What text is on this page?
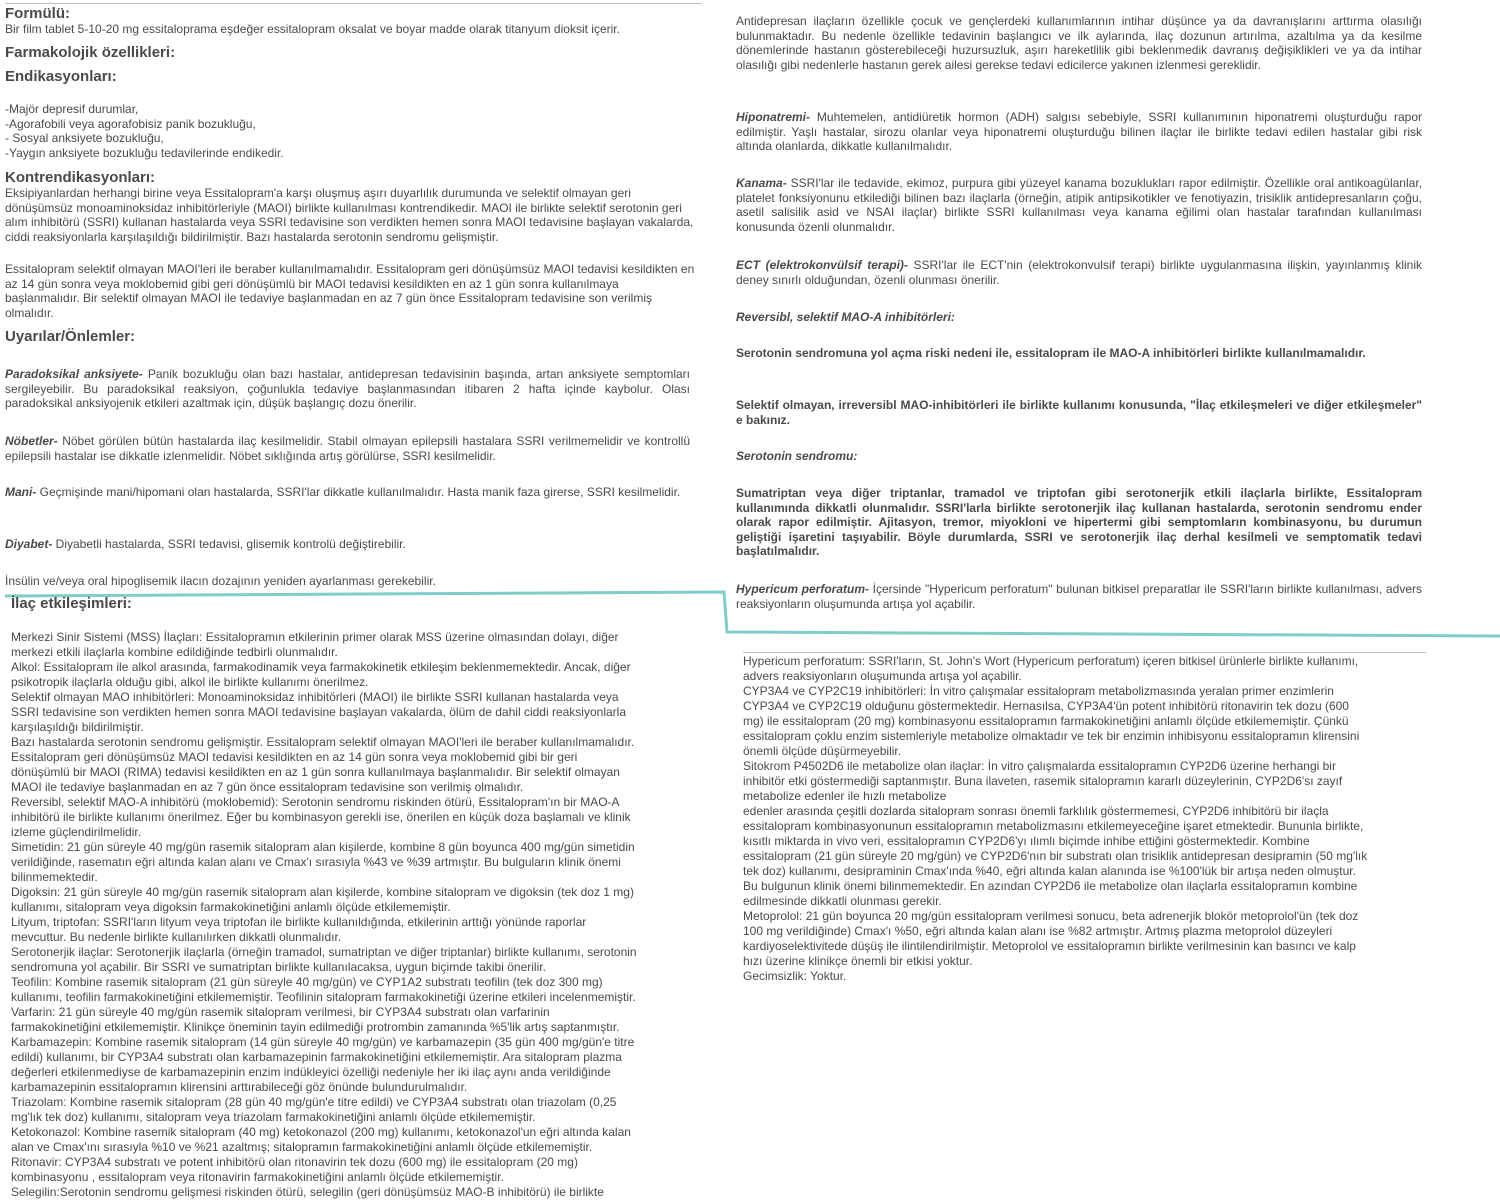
Formülü:

Bir film tablet 5-10-20 mg essitaloprama eşdeğer essitalopram oksalat ve boyar madde olarak titanyum dioksit içerir.

Farmakolojik özellikleri:
Endikasyonları:

-Majör depresif durumlar,

-Agorafobili veya agorafobisiz panik bozukluğu,

- Sosyal anksiyete bozukluğu,

-Yaygın anksiyete bozukluğu tedavilerinde endikedir.

Kontrendikasyonları:

Eksipiyanlardan herhangi birine veya Essitalopram'a karşı oluşmuş aşırı duyarlılık durumunda ve selektif olmayan geri dönüşümsüz monoaminoksidaz inhibitörleriyle (MAOI) birlikte kullanılması kontrendikedir. MAOI ile birlikte selektif serotonin geri alım inhibitörü (SSRI) kullanan hastalarda veya SSRI tedavisine son verdikten hemen sonra MAOI tedavisine başlayan vakalarda, ciddi reaksiyonlarla karşılaşıldığı bildirilmiştir. Bazı hastalarda serotonin sendromu gelişmiştir.

Essitalopram selektif olmayan MAOI'leri ile beraber kullanılmamalıdır. Essitalopram geri dönüşümsüz MAOI tedavisi kesildikten en az 14 gün sonra veya moklobemid gibi geri dönüşümlü bir MAOI tedavisi kesildikten en az 1 gün sonra kullanılmaya başlanmalıdır. Bir selektif olmayan MAOI ile tedaviye başlanmadan en az 7 gün önce Essitalopram tedavisine son verilmiş olmalıdır.

Uyarılar/Önlemler:

Paradoksikal anksiyete- Panik bozukluğu olan bazı hastalar, antidepresan tedavisinin başında, artan anksiyete semptomları sergileyebilir. Bu paradoksikal reaksiyon, çoğunlukla tedaviye başlanmasından itibaren 2 hafta içinde kaybolur. Olası paradoksikal anksiyojenik etkileri azaltmak için, düşük başlangıç dozu önerilir.

Nöbetler- Nöbet görülen bütün hastalarda ilaç kesilmelidir. Stabil olmayan epilepsili hastalara SSRI verilmemelidir ve kontrollü epilepsili hastalar ise dikkatle izlenmelidir. Nöbet sıklığında artış görülürse, SSRI kesilmelidir.

Mani- Geçmişinde mani/hipomani olan hastalarda, SSRI'lar dikkatle kullanılmalıdır. Hasta manik faza girerse, SSRI kesilmelidir.

Diyabet- Diyabetli hastalarda, SSRI tedavisi, glisemik kontrolü değiştirebilir.

İnsülin ve/veya oral hipoglisemik ilacın dozajının yeniden ayarlanması gerekebilir.

Antidepresan ilaçların özellikle çocuk ve gençlerdeki kullanımlarının intihar düşünce ya da davranışlarını arttırma olasılığı bulunmaktadır. Bu nedenle özellikle tedavinin başlangıcı ve ilk aylarında, ilaç dozunun artırılma, azaltılma ya da kesilme dönemlerinde hastanın gösterebileceği huzursuzluk, aşırı hareketlilik gibi beklenmedik davranış değişiklikleri ve ya da intihar olasılığı gibi nedenlerle hastanın gerek ailesi gerekse tedavi edicilerce yakınen izlenmesi gereklidir.

Hiponatremi- Muhtemelen, antidiüretik hormon (ADH) salgısı sebebiyle, SSRI kullanımının hiponatremi oluşturduğu rapor edilmiştir. Yaşlı hastalar, sirozu olanlar veya hiponatremi oluşturduğu bilinen ilaçlar ile birlikte tedavi edilen hastalar gibi risk altında olanlarda, dikkatle kullanılmalıdır.

Kanama- SSRI'lar ile tedavide, ekimoz, purpura gibi yüzeyel kanama bozuklukları rapor edilmiştir. Özellikle oral antikoagülanlar, platelet fonksiyonunu etkilediği bilinen bazı ilaçlarla (örneğin, atipik antipsikotikler ve fenotiyazin, trisiklik antidepresanların çoğu, asetil salisilik asid ve NSAI ilaçlar) birlikte SSRI kullanılması veya kanama eğilimi olan hastalar tarafından kullanılması konusunda özenli olunmalıdır.

ECT (elektrokonvülsif terapi)- SSRI'lar ile ECT'nin (elektrokonvulsif terapi) birlikte uygulanmasına ilişkin, yayınlanmış klinik deney sınırlı olduğundan, özenli olunması önerilir.

Reversibl, selektif MAO-A inhibitörleri:

Serotonin sendromuna yol açma riski nedeni ile, essitalopram ile MAO-A inhibitörleri birlikte kullanılmamalıdır.

Selektif olmayan, irreversibl MAO-inhibitörleri ile birlikte kullanımı konusunda, "İlaç etkileşmeleri ve diğer etkileşmeler" e bakınız.

Serotonin sendromu:

Sumatriptan veya diğer triptanlar, tramadol ve triptofan gibi serotonerjik etkili ilaçlarla birlikte, Essitalopram kullanımında dikkatli olunmalıdır. SSRI'larla birlikte serotonerjik ilaç kullanan hastalarda, serotonin sendromu ender olarak rapor edilmiştir. Ajitasyon, tremor, miyokloni ve hipertermi gibi semptomların kombinasyonu, bu durumun geliştiği işaretini taşıyabilir. Böyle durumlarda, SSRI ve serotonerjik ilaç derhal kesilmeli ve semptomatik tedavi başlatılmalıdır.

Hypericum perforatum- İçersinde "Hypericum perforatum" bulunan bitkisel preparatlar ile SSRI'ların birlikte kullanılması, advers reaksiyonların oluşumunda artışa yol açabilir.

İlaç etkileşimleri:

Merkezi Sinir Sistemi (MSS) İlaçları: Essitalopramın etkilerinin primer olarak MSS üzerine olmasından dolayı, diğer

merkezi etkili ilaçlarla kombine edildiğinde tedbirli olunmalıdır.

Alkol: Essitalopram ile alkol arasında, farmakodinamik veya farmakokinetik etkileşim beklenmemektedir. Ancak, diğer

psikotropik ilaçlarla olduğu gibi, alkol ile birlikte kullanımı önerilmez.

Selektif olmayan MAO inhibitörleri: Monoaminoksidaz inhibitörleri (MAOI) ile birlikte SSRI kullanan hastalarda veya

SSRI tedavisine son verdikten hemen sonra MAOI tedavisine başlayan vakalarda, ölüm de dahil ciddi reaksiyonlarla

karşılaşıldığı bildirilmiştir.

Bazı hastalarda serotonin sendromu gelişmiştir. Essitalopram selektif olmayan MAOI'leri ile beraber kullanılmamalıdır.

Essitalopram geri dönüşümsüz MAOI tedavisi kesildikten en az 14 gün sonra veya moklobemid gibi bir geri

dönüşümlü bir MAOI (RIMA) tedavisi kesildikten en az 1 gün sonra kullanılmaya başlanmalıdır. Bir selektif olmayan

MAOI ile tedaviye başlanmadan en az 7 gün önce essitalopram tedavisine son verilmiş olmalıdır.

Reversibl, selektif MAO-A inhibitörü (moklobemid): Serotonin sendromu riskinden ötürü, Essitalopram'ın bir MAO-A

inhibitörü ile birlikte kullanımı önerilmez. Eğer bu kombinasyon gerekli ise, önerilen en küçük doza başlamalı ve klinik

izleme güçlendirilmelidir.

Simetidin: 21 gün süreyle 40 mg/gün rasemik sitalopram alan kişilerde, kombine 8 gün boyunca 400 mg/gün simetidin

verildiğinde, rasematın eğri altında kalan alanı ve Cmax'ı sırasıyla %43 ve %39 artmıştır. Bu bulguların klinik önemi

bilinmemektedir.

Digoksin: 21 gün süreyle 40 mg/gün rasemik sitalopram alan kişilerde, kombine sitalopram ve digoksin (tek doz 1 mg)

kullanımı, sitalopram veya digoksin farmakokinetiğini anlamlı ölçüde etkilememiştir.

Lityum, triptofan: SSRI'ların lityum veya triptofan ile birlikte kullanıldığında, etkilerinin arttığı yönünde raporlar

mevcuttur. Bu nedenle birlikte kullanılırken dikkatli olunmalıdır.

Serotonerjik ilaçlar: Serotonerjik ilaçlarla (örneğin tramadol, sumatriptan ve diğer triptanlar) birlikte kullanımı, serotonin

sendromuna yol açabilir. Bir SSRI ve sumatriptan birlikte kullanılacaksa, uygun biçimde takibi önerilir.

Teofilin: Kombine rasemik sitalopram (21 gün süreyle 40 mg/gün) ve CYP1A2 substratı teofilin (tek doz 300 mg)

kullanımı, teofilin farmakokinetiğini etkilememiştir. Teofilinin sitalopram farmakokinetiği üzerine etkileri incelenmemiştir.

Varfarin: 21 gün süreyle 40 mg/gün rasemik sitalopram verilmesi, bir CYP3A4 substratı olan varfarinin

farmakokinetiğini etkilememiştir. Klinikçe öneminin tayin edilmediği protrombin zamanında %5'lik artış saptanmıştır.

Karbamazepin: Kombine rasemik sitalopram (14 gün süreyle 40 mg/gün) ve karbamazepin (35 gün 400 mg/gün'e titre

edildi) kullanımı, bir CYP3A4 substratı olan karbamazepinin farmakokinetiğini etkilememiştir. Ara sitalopram plazma

değerleri etkilenmediyse de karbamazepinin enzim indükleyici özelliği nedeniyle her iki ilaç aynı anda verildiğinde

karbamazepinin essitalopramın klirensini arttırabileceği göz önünde bulundurulmalıdır.

Triazolam: Kombine rasemik sitalopram (28 gün 40 mg/gün'e titre edildi) ve CYP3A4 substratı olan triazolam (0,25

mg'lık tek doz) kullanımı, sitalopram veya triazolam farmakokinetiğini anlamlı ölçüde etkilememiştir.

Ketokonazol: Kombine rasemik sitalopram (40 mg) ketokonazol (200 mg) kullanımı, ketokonazol'un eğri altında kalan

alan ve Cmax'ını sırasıyla %10 ve %21 azaltmış; sitalopramın farmakokinetiğini anlamlı ölçüde etkilememiştir.

Ritonavir: CYP3A4 substratı ve potent inhibitörü olan ritonavirin tek dozu (600 mg) ile essitalopram (20 mg)

kombinasyonu , essitalopram veya ritonavirin farmakokinetiğini anlamlı ölçüde etkilememiştir.

Selegilin:Serotonin sendromu gelişmesi riskinden ötürü, selegilin (geri dönüşümsüz MAO-B inhibitörü) ile birlikte

Hypericum perforatum: SSRI'ların, St. John's Wort (Hypericum perforatum) içeren bitkisel ürünlerle birlikte kullanımı,

advers reaksiyonların oluşumunda artışa yol açabilir.

CYP3A4 ve CYP2C19 inhibitörleri: İn vitro çalışmalar essitalopram metabolizmasında yeralan primer enzimlerin

CYP3A4 ve CYP2C19 olduğunu göstermektedir. Hernasılsa, CYP3A4'ün potent inhibitörü ritonavirin tek dozu (600

mg) ile essitalopram (20 mg) kombinasyonu essitalopramın farmakokinetiğini anlamlı ölçüde etkilememiştir. Çünkü

essitalopram çoklu enzim sistemleriyle metabolize olmaktadır ve tek bir enzimin inhibisyonu essitalopramın klirensini

önemli ölçüde düşürmeyebilir.

Sitokrom P4502D6 ile metabolize olan ilaçlar: İn vitro çalışmalarda essitalopramın CYP2D6 üzerine herhangi bir

inhibitör etki göstermediği saptanmıştır. Buna ilaveten, rasemik sitalopramın kararlı düzeylerinin, CYP2D6'sı zayıf

metabolize edenler ile hızlı metabolize

edenler arasında çeşitli dozlarda sitalopram sonrası önemli farklılık göstermemesi, CYP2D6 inhibitörü bir ilaçla

essitalopram kombinasyonunun essitalopramın metabolizmasını etkilemeyeceğine işaret etmektedir. Bununla birlikte,

kısıtlı miktarda in vivo veri, essitalopramın CYP2D6'yı ılımlı biçimde inhibe ettiğini göstermektedir. Kombine

essitalopram (21 gün süreyle 20 mg/gün) ve CYP2D6'nın bir substratı olan trisiklik antidepresan desipramin (50 mg'lık

tek doz) kullanımı, desipraminin Cmax'ında %40, eğri altında kalan alanında ise %100'lük bir artışa neden olmuştur.

Bu bulgunun klinik önemi bilinmemektedir. En azından CYP2D6 ile metabolize olan ilaçlarla essitalopramın kombine

edilmesinde dikkatli olunması gerekir.

Metoprolol: 21 gün boyunca 20 mg/gün essitalopram verilmesi sonucu, beta adrenerjik blokör metoprolol'ün (tek doz

100 mg verildiğinde) Cmax'ı %50, eğri altında kalan alanı ise %82 artmıştır. Artmış plazma metoprolol düzeyleri

kardiyoselektivitede düşüş ile ilintilendirilmiştir. Metoprolol ve essitalopramın birlikte verilmesinin kan basıncı ve kalp

hızı üzerine klinikçe önemli bir etkisi yoktur.

Gecimsizlik: Yoktur.
